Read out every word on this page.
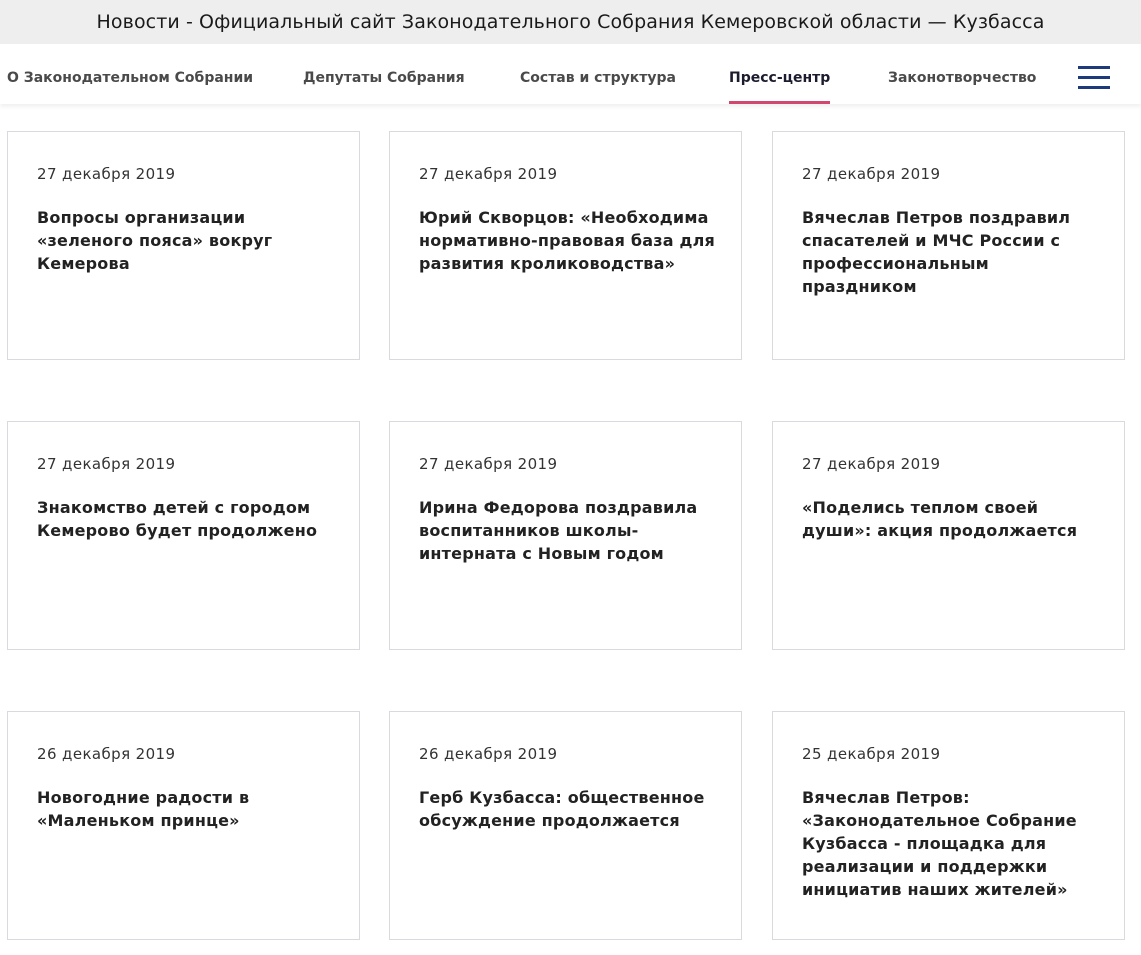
Новости - Официальный сайт Законодательного Собрания Кемеровской области — Кузбасса
О Законодательном Собрании	Депутаты Собрания	Состав и структура	Пресс-центр	Законотворчество
27 декабря 2019
Вопросы организации «зеленого пояса» вокруг Кемерова
27 декабря 2019
Юрий Скворцов: «Необходима нормативно-правовая база для развития кролиководства»
27 декабря 2019
Вячеслав Петров поздравил спасателей и МЧС России с профессиональным праздником
27 декабря 2019
Знакомство детей с городом Кемерово будет продолжено
27 декабря 2019
Ирина Федорова поздравила воспитанников школы-интерната с Новым годом
27 декабря 2019
«Поделись теплом своей души»: акция продолжается
26 декабря 2019
Новогодние радости в «Маленьком принце»
26 декабря 2019
Герб Кузбасса: общественное обсуждение продолжается
25 декабря 2019
Вячеслав Петров: «Законодательное Собрание Кузбасса - площадка для реализации и поддержки инициатив наших жителей»
